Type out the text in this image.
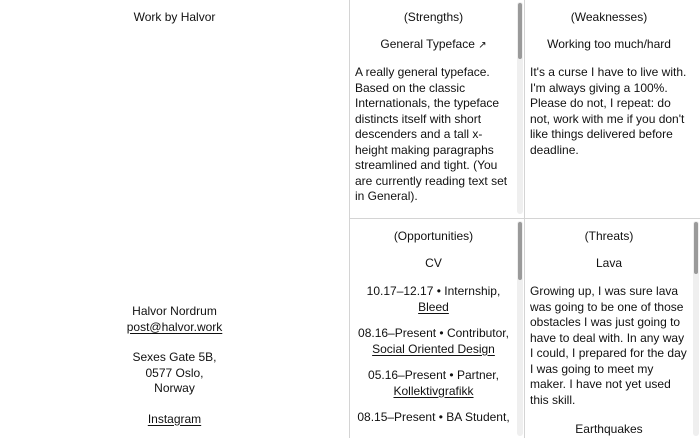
Work by Halvor
Halvor Nordrum
post@halvor.work
Sexes Gate 5B,
0577 Oslo,
Norway
Instagram
(Strengths)
General Typeface ↗

A really general typeface. Based on the classic Internationals, the typeface distincts itself with short descenders and a tall x-height making paragraphs streamlined and tight. (You are currently reading text set in General).

(Weaknesses)
Working too much/hard

It's a curse I have to live with. I'm always giving a 100%. Please do not, I repeat: do not, work with me if you don't like things delivered before deadline.

(Opportunities)
CV
10.17–12.17 • Internship,
Bleed
08.16–Present • Contributor,
Social Oriented Design
05.16–Present • Partner,
Kollektivgrafikk
08.15–Present • BA Student,
(Threats)
Lava

Growing up, I was sure lava was going to be one of those obstacles I was just going to have to deal with. In any way I could, I prepared for the day I was going to meet my maker. I have not yet used this skill.

Earthquakes
